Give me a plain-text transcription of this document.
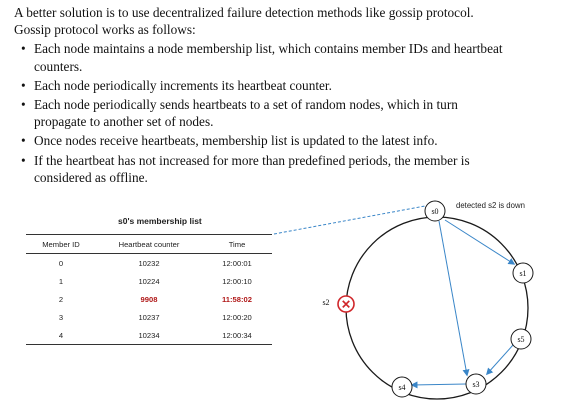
A better solution is to use decentralized failure detection methods like gossip protocol.

Gossip protocol works as follows:

• Each node maintains a node membership list, which contains member IDs and heartbeat
counters.
• Each node periodically increments its heartbeat counter.
• Each node periodically sends heartbeats to a set of random nodes, which in turn
propagate to another set of nodes.
• Once nodes receive heartbeats, membership list is updated to the latest info.
• If the heartbeat has not increased for more than predefined periods, the member is
considered as offline.
s0's membership list
Member ID	Heartbeat counter	Time
0	10232	12:00:01
1	10224	12:00:10
2	9908	11:58:02
3	10237	12:00:20
4	10234	12:00:34
s0
s1
s5
s3
s4
✕
s2
detected s2 is down
